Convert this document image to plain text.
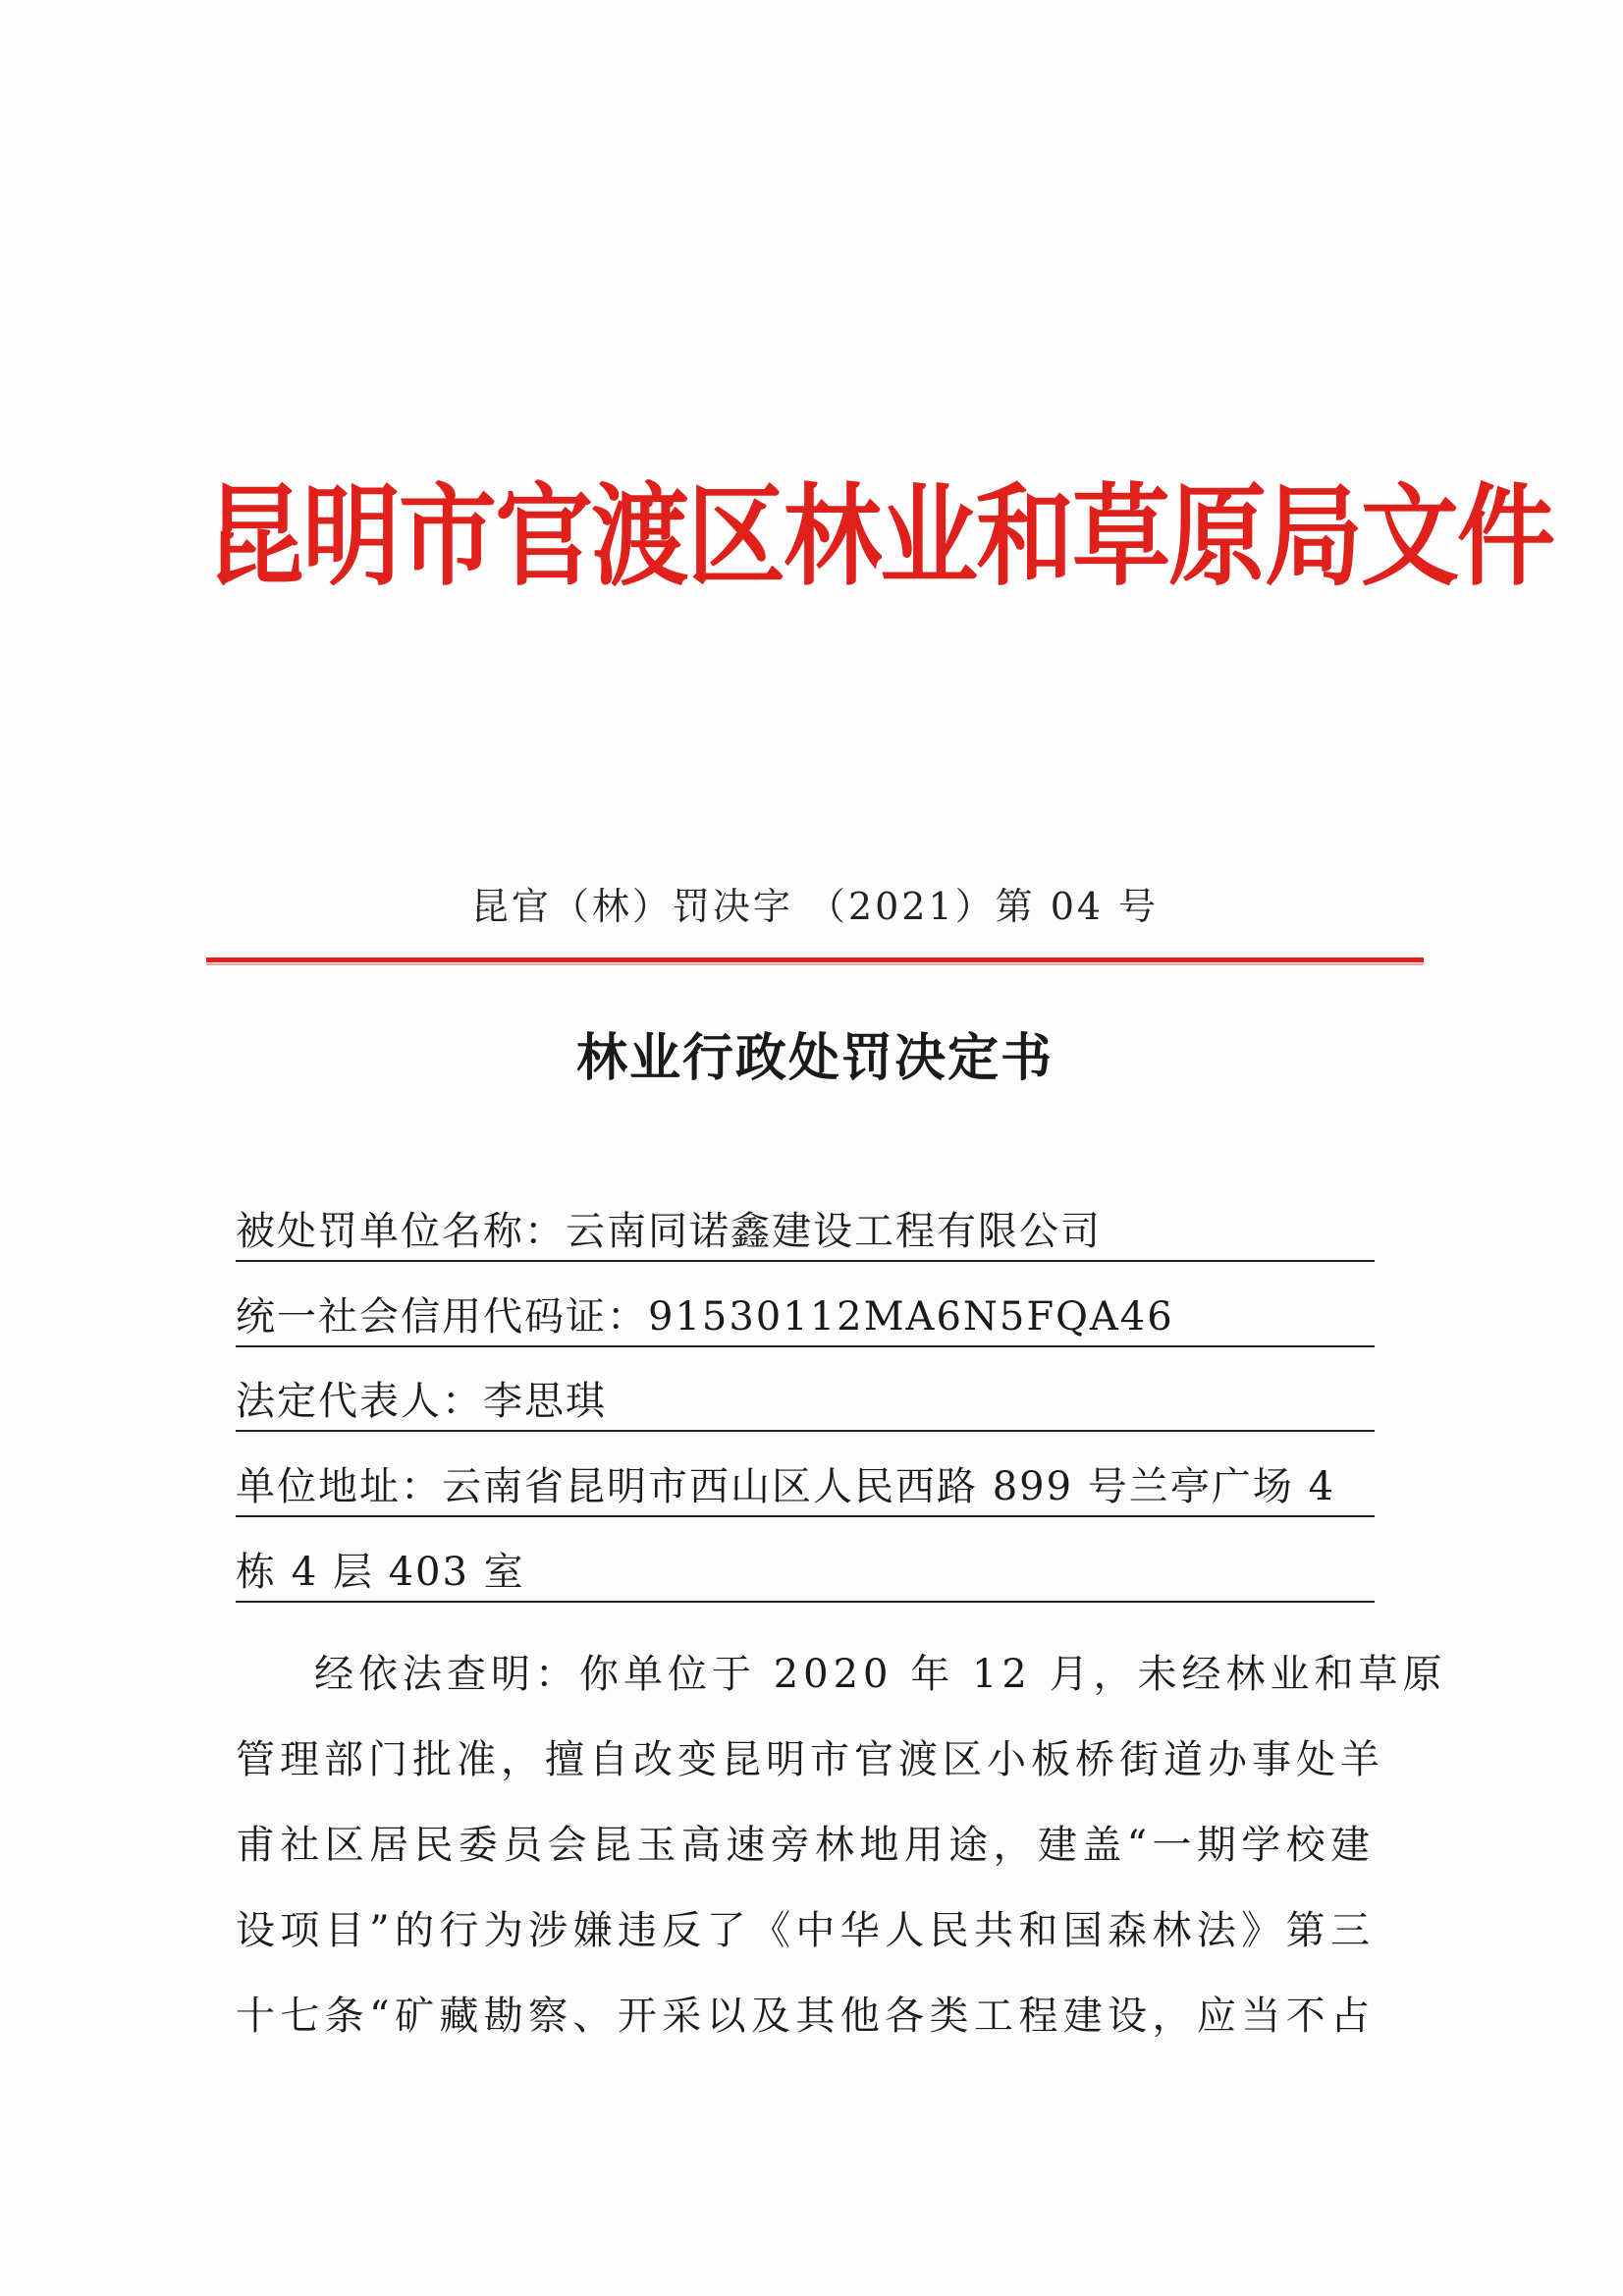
昆明市官渡区林业和草原局文件
昆官（林）罚决字 （2021）第 04 号
林业行政处罚决定书
被处罚单位名称：云南同诺鑫建设工程有限公司
统一社会信用代码证：91530112MA6N5FQA46
法定代表人：李思琪
单位地址：云南省昆明市西山区人民西路 899 号兰亭广场 4
栋 4 层 403 室
经依法查明：你单位于 2020 年 12 月，未经林业和草原
管理部门批准，擅自改变昆明市官渡区小板桥街道办事处羊
甫社区居民委员会昆玉高速旁林地用途，建盖“一期学校建
设项目”的行为涉嫌违反了《中华人民共和国森林法》第三
十七条“矿藏勘察、开采以及其他各类工程建设，应当不占
